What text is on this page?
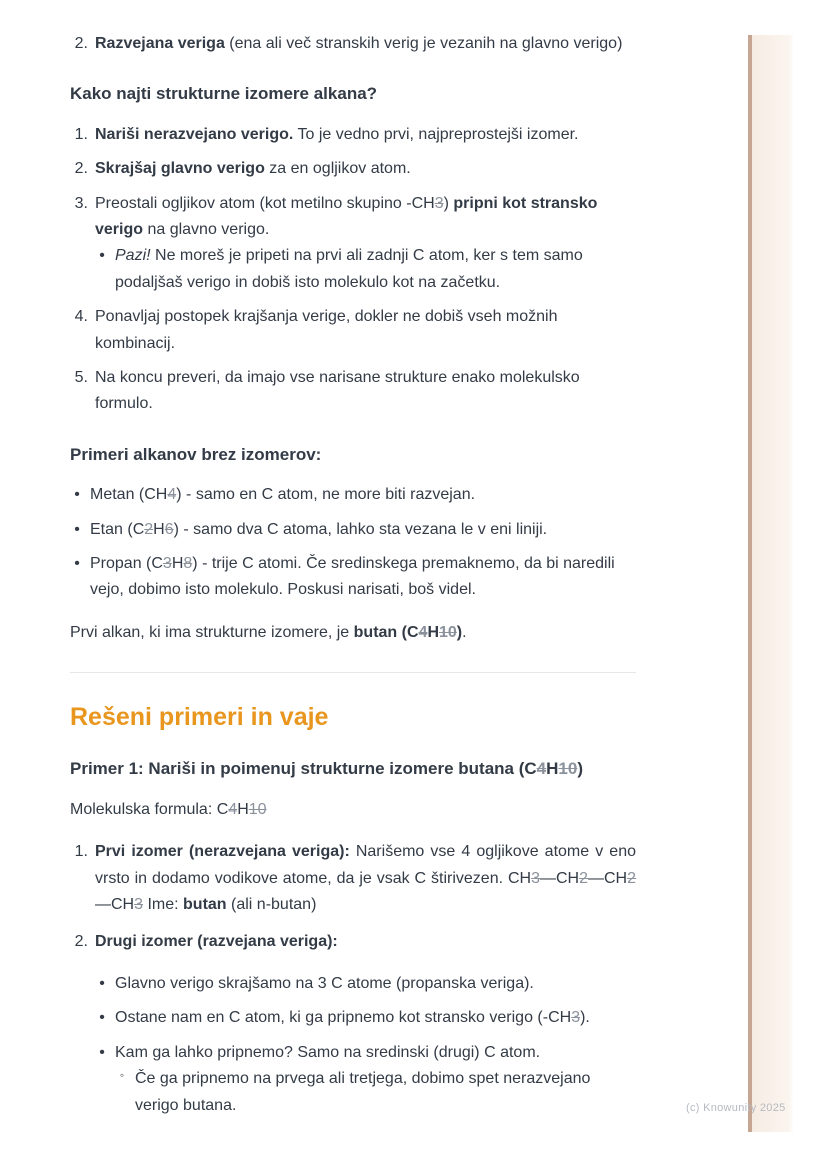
2. Razvejana veriga (ena ali več stranskih verig je vezanih na glavno verigo)
Kako najti strukturne izomere alkana?
1. Nariši nerazvejano verigo. To je vedno prvi, najpreprostejši izomer.
2. Skrajšaj glavno verigo za en ogljikov atom.
3. Preostali ogljikov atom (kot metilno skupino -CH3) pripni kot stransko verigo na glavno verigo.
• Pazi! Ne moreš je pripeti na prvi ali zadnji C atom, ker s tem samo podaljšaš verigo in dobiš isto molekulo kot na začetku.
4. Ponavljaj postopek krajšanja verige, dokler ne dobiš vseh možnih kombinacij.
5. Na koncu preveri, da imajo vse narisane strukture enako molekulsko formulo.
Primeri alkanov brez izomerov:
• Metan (CH4) - samo en C atom, ne more biti razvejan.
• Etan (C2H6) - samo dva C atoma, lahko sta vezana le v eni liniji.
• Propan (C3H8) - trije C atomi. Če sredinskega premaknemo, da bi naredili vejo, dobimo isto molekulo. Poskusi narisati, boš videl.

Prvi alkan, ki ima strukturne izomere, je butan (C4H10).

Rešeni primeri in vaje
Primer 1: Nariši in poimenuj strukturne izomere butana (C4H10)

Molekulska formula: C4H10

1. Prvi izomer (nerazvejana veriga): Narišemo vse 4 ogljikove atome v eno vrsto in dodamo vodikove atome, da je vsak C štirivezen. CH3—CH2—CH2—CH3 Ime: butan (ali n-butan)
2. Drugi izomer (razvejana veriga):
• Glavno verigo skrajšamo na 3 C atome (propanska veriga).
• Ostane nam en C atom, ki ga pripnemo kot stransko verigo (-CH3).
• Kam ga lahko pripnemo? Samo na sredinski (drugi) C atom.
◦ Če ga pripnemo na prvega ali tretjega, dobimo spet nerazvejano verigo butana.	(c) Knowunity 2025
